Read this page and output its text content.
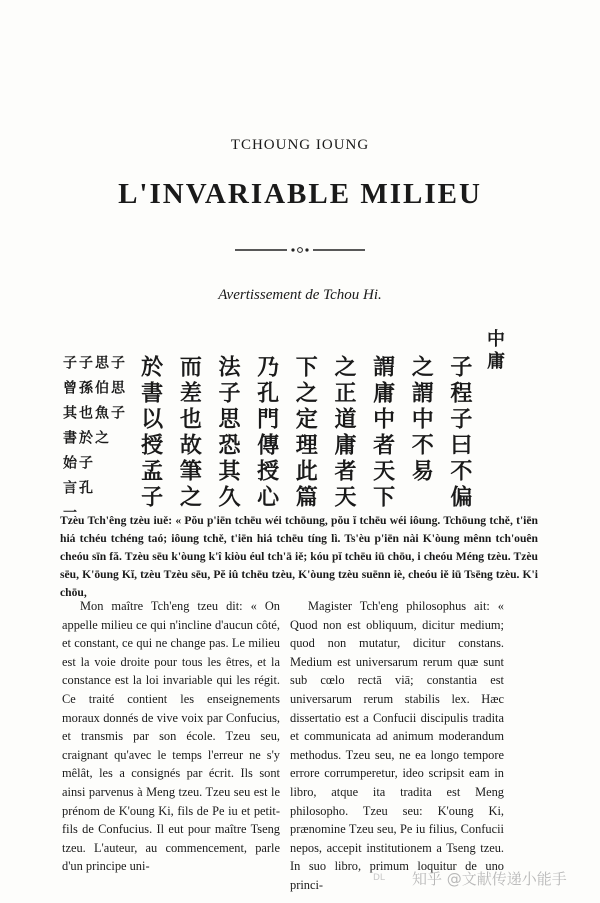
TCHOUNG IOUNG
L'INVARIABLE MILIEU
Avertissement de Tchou Hi.
中庸
子程子曰不偏
之謂中不易
謂庸中者天下
之正道庸者天
下之定理此篇
乃孔門傳授心
法子思恐其久
而差也故筆之
於書以授孟子
子思子
思伯魚之
子孫也於子孔
子曾其書始言一
Tzèu Tch'êng tzèu iuě: « Pŏu p'iēn tchēu wéi tchōung, pŏu ĭ tchēu wéi iôung. Tchōung tchě, t'iēn hiá tchéu tchéng taó; iôung tchě, t'iēn hiá tchēu tíng lì. Ts'èu p'iēn nài K'òung mênn tch'ouên cheóu sīn fă. Tzèu sēu k'òung k'î kiòu éul tch'ā iě; kóu pĭ tchēu iū chōu, i cheóu Méng tzèu. Tzèu sēu, K'ōung Kĭ, tzèu Tzèu sēu, Pĕ iû tchēu tzèu, K'òung tzèu suēnn iè, cheóu iě iū Tsēng tzèu. K'i chōu,

Mon maître Tch'eng tzeu dit: « On appelle milieu ce qui n'incline d'aucun côté, et constant, ce qui ne change pas. Le milieu est la voie droite pour tous les êtres, et la constance est la loi invariable qui les régit. Ce traité contient les enseignements moraux donnés de vive voix par Confucius, et transmis par son école. Tzeu seu, craignant qu'avec le temps l'erreur ne s'y mêlât, les a consignés par écrit. Ils sont ainsi parvenus à Meng tzeu. Tzeu seu est le prénom de K'oung Ki, fils de Pe iu et petit-fils de Confucius. Il eut pour maître Tseng tzeu. L'auteur, au commencement, parle d'un principe uni-

Magister Tch'eng philosophus ait: « Quod non est obliquum, dicitur medium; quod non mutatur, dicitur constans. Medium est universarum rerum quæ sunt sub cœlo rectā viā; constantia est universarum rerum stabilis lex. Hæc dissertatio est a Confucii discipulis tradita et communicata ad animum moderandum methodus. Tzeu seu, ne ea longo tempore errore corrumperetur, ideo scripsit eam in libro, atque ita tradita est Meng philosopho. Tzeu seu: K'oung Ki, prænomine Tzeu seu, Pe iu filius, Confucii nepos, accepit institutionem a Tseng tzeu. In suo libro, primum loquitur de uno princi-	DL 知乎 @文献传递小能手
